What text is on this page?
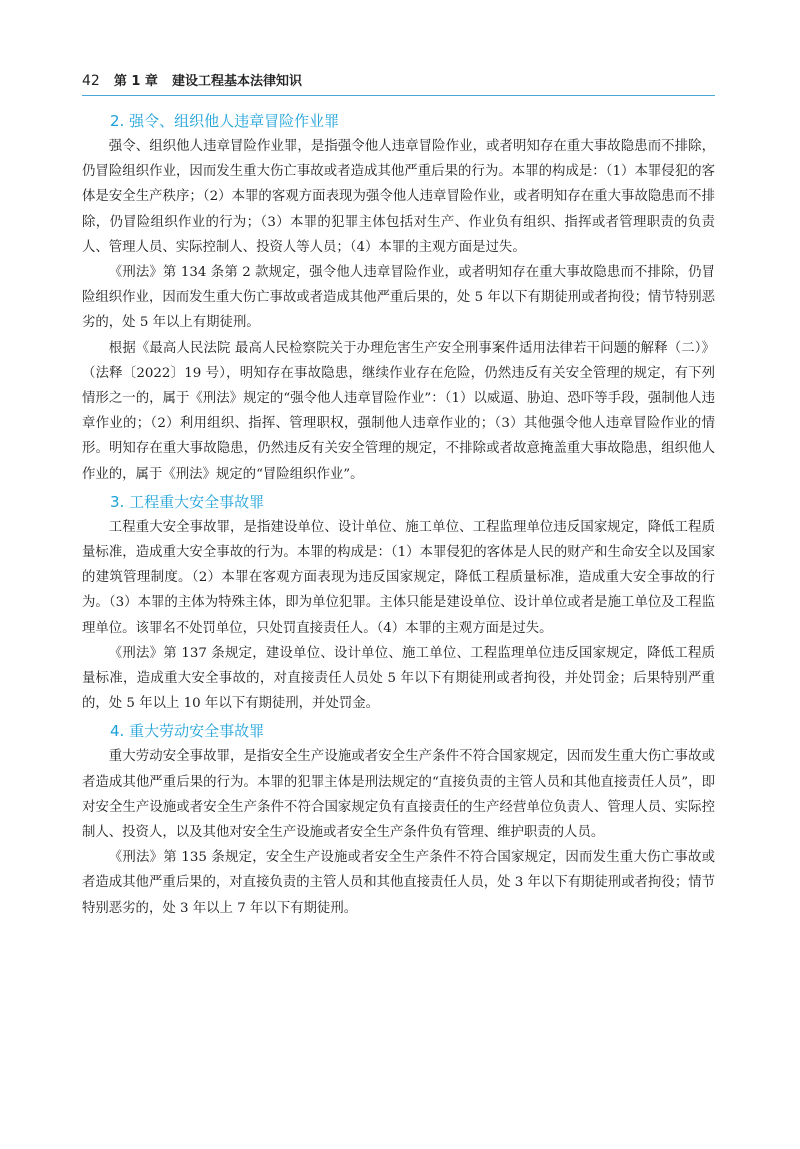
42 第 1 章 建设工程基本法律知识
2. 强令、组织他人违章冒险作业罪

强令、组织他人违章冒险作业罪，是指强令他人违章冒险作业，或者明知存在重大事故隐患而不排除，仍冒险组织作业，因而发生重大伤亡事故或者造成其他严重后果的行为。本罪的构成是：（1）本罪侵犯的客体是安全生产秩序；（2）本罪的客观方面表现为强令他人违章冒险作业，或者明知存在重大事故隐患而不排除，仍冒险组织作业的行为；（3）本罪的犯罪主体包括对生产、作业负有组织、指挥或者管理职责的负责人、管理人员、实际控制人、投资人等人员；（4）本罪的主观方面是过失。

《刑法》第 134 条第 2 款规定，强令他人违章冒险作业，或者明知存在重大事故隐患而不排除，仍冒险组织作业，因而发生重大伤亡事故或者造成其他严重后果的，处 5 年以下有期徒刑或者拘役；情节特别恶劣的，处 5 年以上有期徒刑。

根据《最高人民法院 最高人民检察院关于办理危害生产安全刑事案件适用法律若干问题的解释（二）》（法释〔2022〕19 号），明知存在事故隐患，继续作业存在危险，仍然违反有关安全管理的规定，有下列情形之一的，属于《刑法》规定的“强令他人违章冒险作业”：（1）以威逼、胁迫、恐吓等手段，强制他人违章作业的；（2）利用组织、指挥、管理职权，强制他人违章作业的；（3）其他强令他人违章冒险作业的情形。明知存在重大事故隐患，仍然违反有关安全管理的规定，不排除或者故意掩盖重大事故隐患，组织他人作业的，属于《刑法》规定的“冒险组织作业”。

3. 工程重大安全事故罪

工程重大安全事故罪，是指建设单位、设计单位、施工单位、工程监理单位违反国家规定，降低工程质量标准，造成重大安全事故的行为。本罪的构成是：（1）本罪侵犯的客体是人民的财产和生命安全以及国家的建筑管理制度。（2）本罪在客观方面表现为违反国家规定，降低工程质量标准，造成重大安全事故的行为。（3）本罪的主体为特殊主体，即为单位犯罪。主体只能是建设单位、设计单位或者是施工单位及工程监理单位。该罪名不处罚单位，只处罚直接责任人。（4）本罪的主观方面是过失。

《刑法》第 137 条规定，建设单位、设计单位、施工单位、工程监理单位违反国家规定，降低工程质量标准，造成重大安全事故的，对直接责任人员处 5 年以下有期徒刑或者拘役，并处罚金；后果特别严重的，处 5 年以上 10 年以下有期徒刑，并处罚金。

4. 重大劳动安全事故罪

重大劳动安全事故罪，是指安全生产设施或者安全生产条件不符合国家规定，因而发生重大伤亡事故或者造成其他严重后果的行为。本罪的犯罪主体是刑法规定的“直接负责的主管人员和其他直接责任人员”，即对安全生产设施或者安全生产条件不符合国家规定负有直接责任的生产经营单位负责人、管理人员、实际控制人、投资人，以及其他对安全生产设施或者安全生产条件负有管理、维护职责的人员。

《刑法》第 135 条规定，安全生产设施或者安全生产条件不符合国家规定，因而发生重大伤亡事故或者造成其他严重后果的，对直接负责的主管人员和其他直接责任人员，处 3 年以下有期徒刑或者拘役；情节特别恶劣的，处 3 年以上 7 年以下有期徒刑。
